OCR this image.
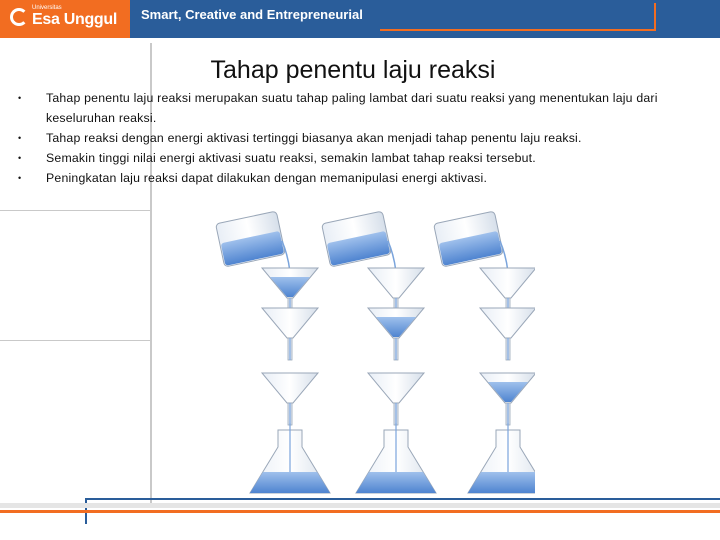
Universitas
Esa Unggul Smart, Creative and Entrepreneurial
Tahap penentu laju reaksi
• Tahap penentu laju reaksi merupakan suatu tahap paling lambat dari suatu reaksi yang menentukan laju dari keseluruhan reaksi.
• Tahap reaksi dengan energi aktivasi tertinggi biasanya akan menjadi tahap penentu laju reaksi.
• Semakin tinggi nilai energi aktivasi suatu reaksi, semakin lambat tahap reaksi tersebut.
• Peningkatan laju reaksi dapat dilakukan dengan memanipulasi energi aktivasi.
